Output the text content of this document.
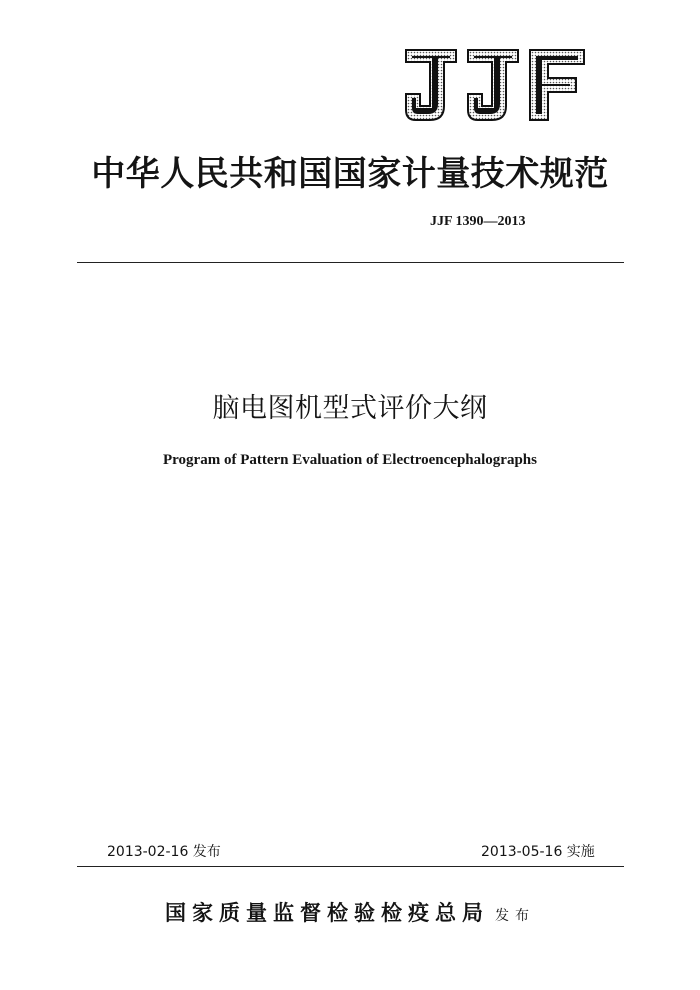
中华人民共和国国家计量技术规范
JJF 1390—2013
脑电图机型式评价大纲
Program of Pattern Evaluation of Electroencephalographs
2013-02-16 发布	2013-05-16 实施
国家质量监督检验检疫总局 发布
